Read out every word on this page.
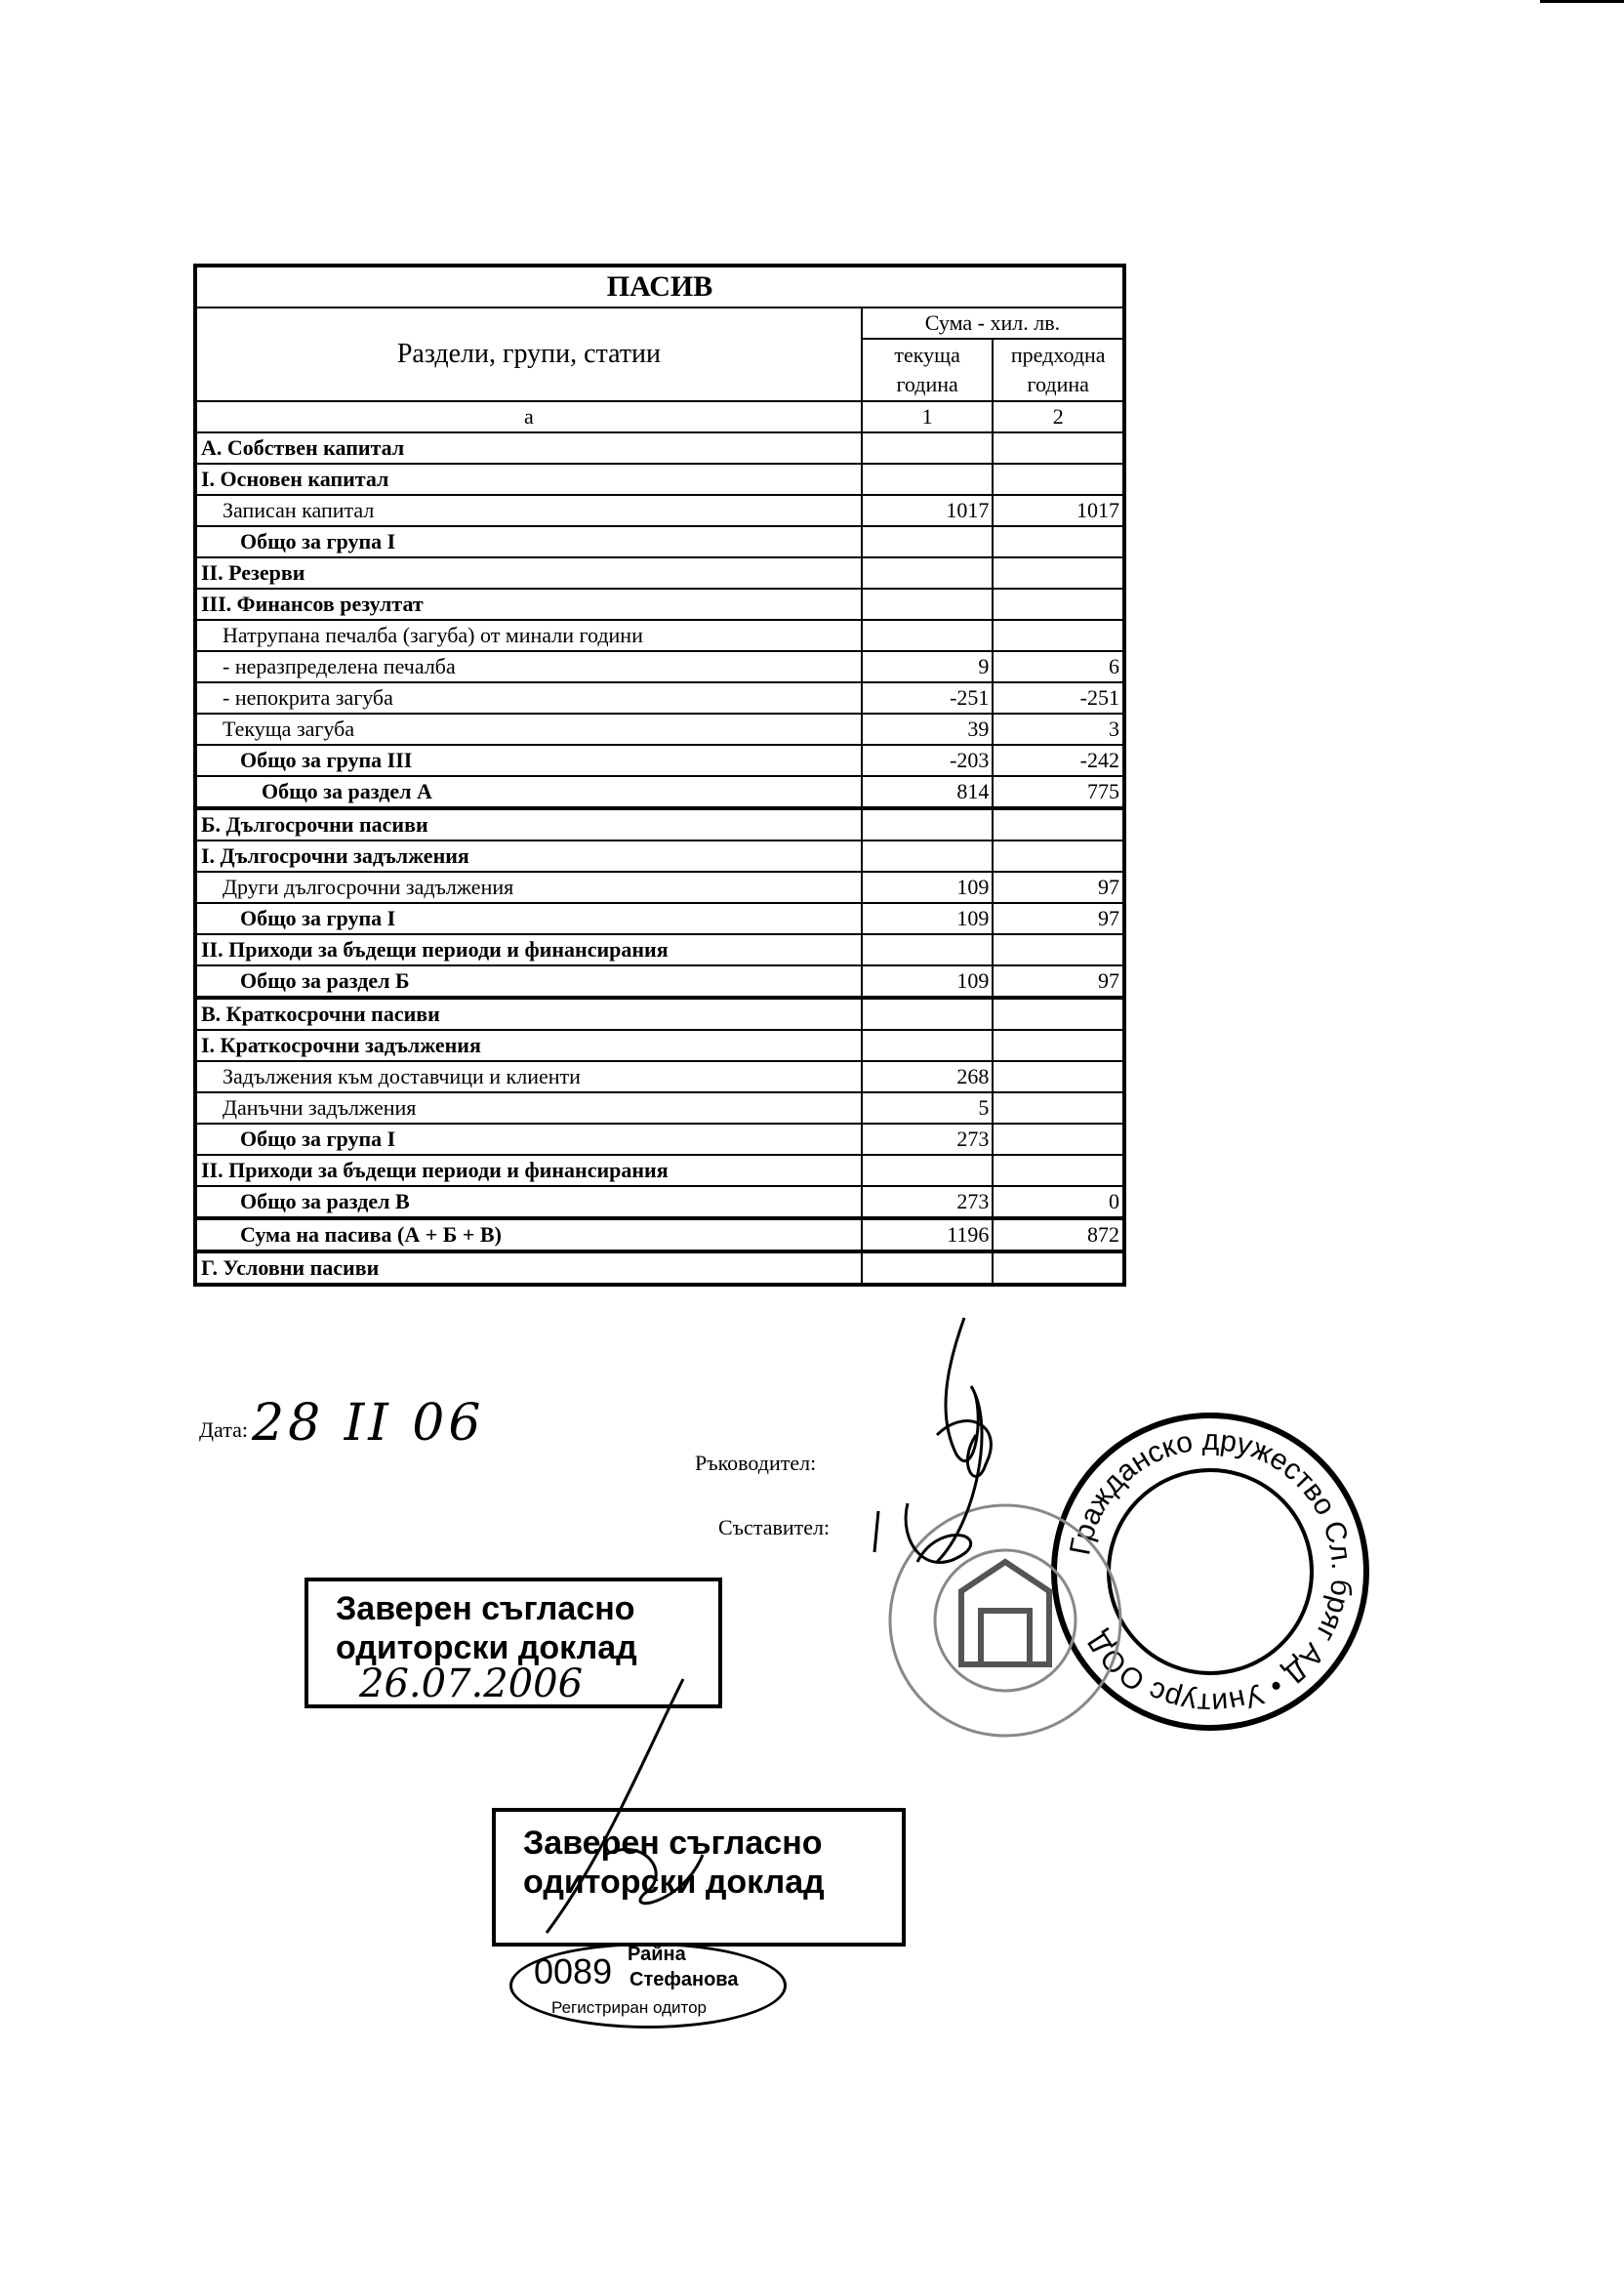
ПАСИВ		
Раздели, групи, статии	Сума - хил. лв.	
	текуща година	предходна година
а	1	2
А. Собствен капитал		
I. Основен капитал		
Записан капитал	1017	1017
Общо за група I		
II. Резерви		
III. Финансов резултат		
Натрупана печалба (загуба) от минали години		
- неразпределена печалба	9	6
- непокрита загуба	-251	-251
Текуща загуба	39	3
Общо за група III	-203	-242
Общо за раздел А	814	775
Б. Дългосрочни пасиви		
I. Дългосрочни задължения		
Други дългосрочни задължения	109	97
Общо за група I	109	97
II. Приходи за бъдещи периоди и финансирания		
Общо за раздел Б	109	97
В. Краткосрочни пасиви		
I. Краткосрочни задължения		
Задължения към доставчици и клиенти	268	
Данъчни задължения	5	
Общо за група I	273	
II. Приходи за бъдещи периоди и финансирания		
Общо за раздел В	273	0
Сума на пасива (А + Б + В)	1196	872
Г. Условни пасиви		
Дата: 28 II 06
Ръководител:
Съставител:
Заверен съгласно
одиторски доклад
26.07.2006
Заверен съгласно
одиторски доклад
0089 Райна
Стефанова
Регистриран одитор
Гражданско дружество Сл. бряг АД • Унитурс ООД
